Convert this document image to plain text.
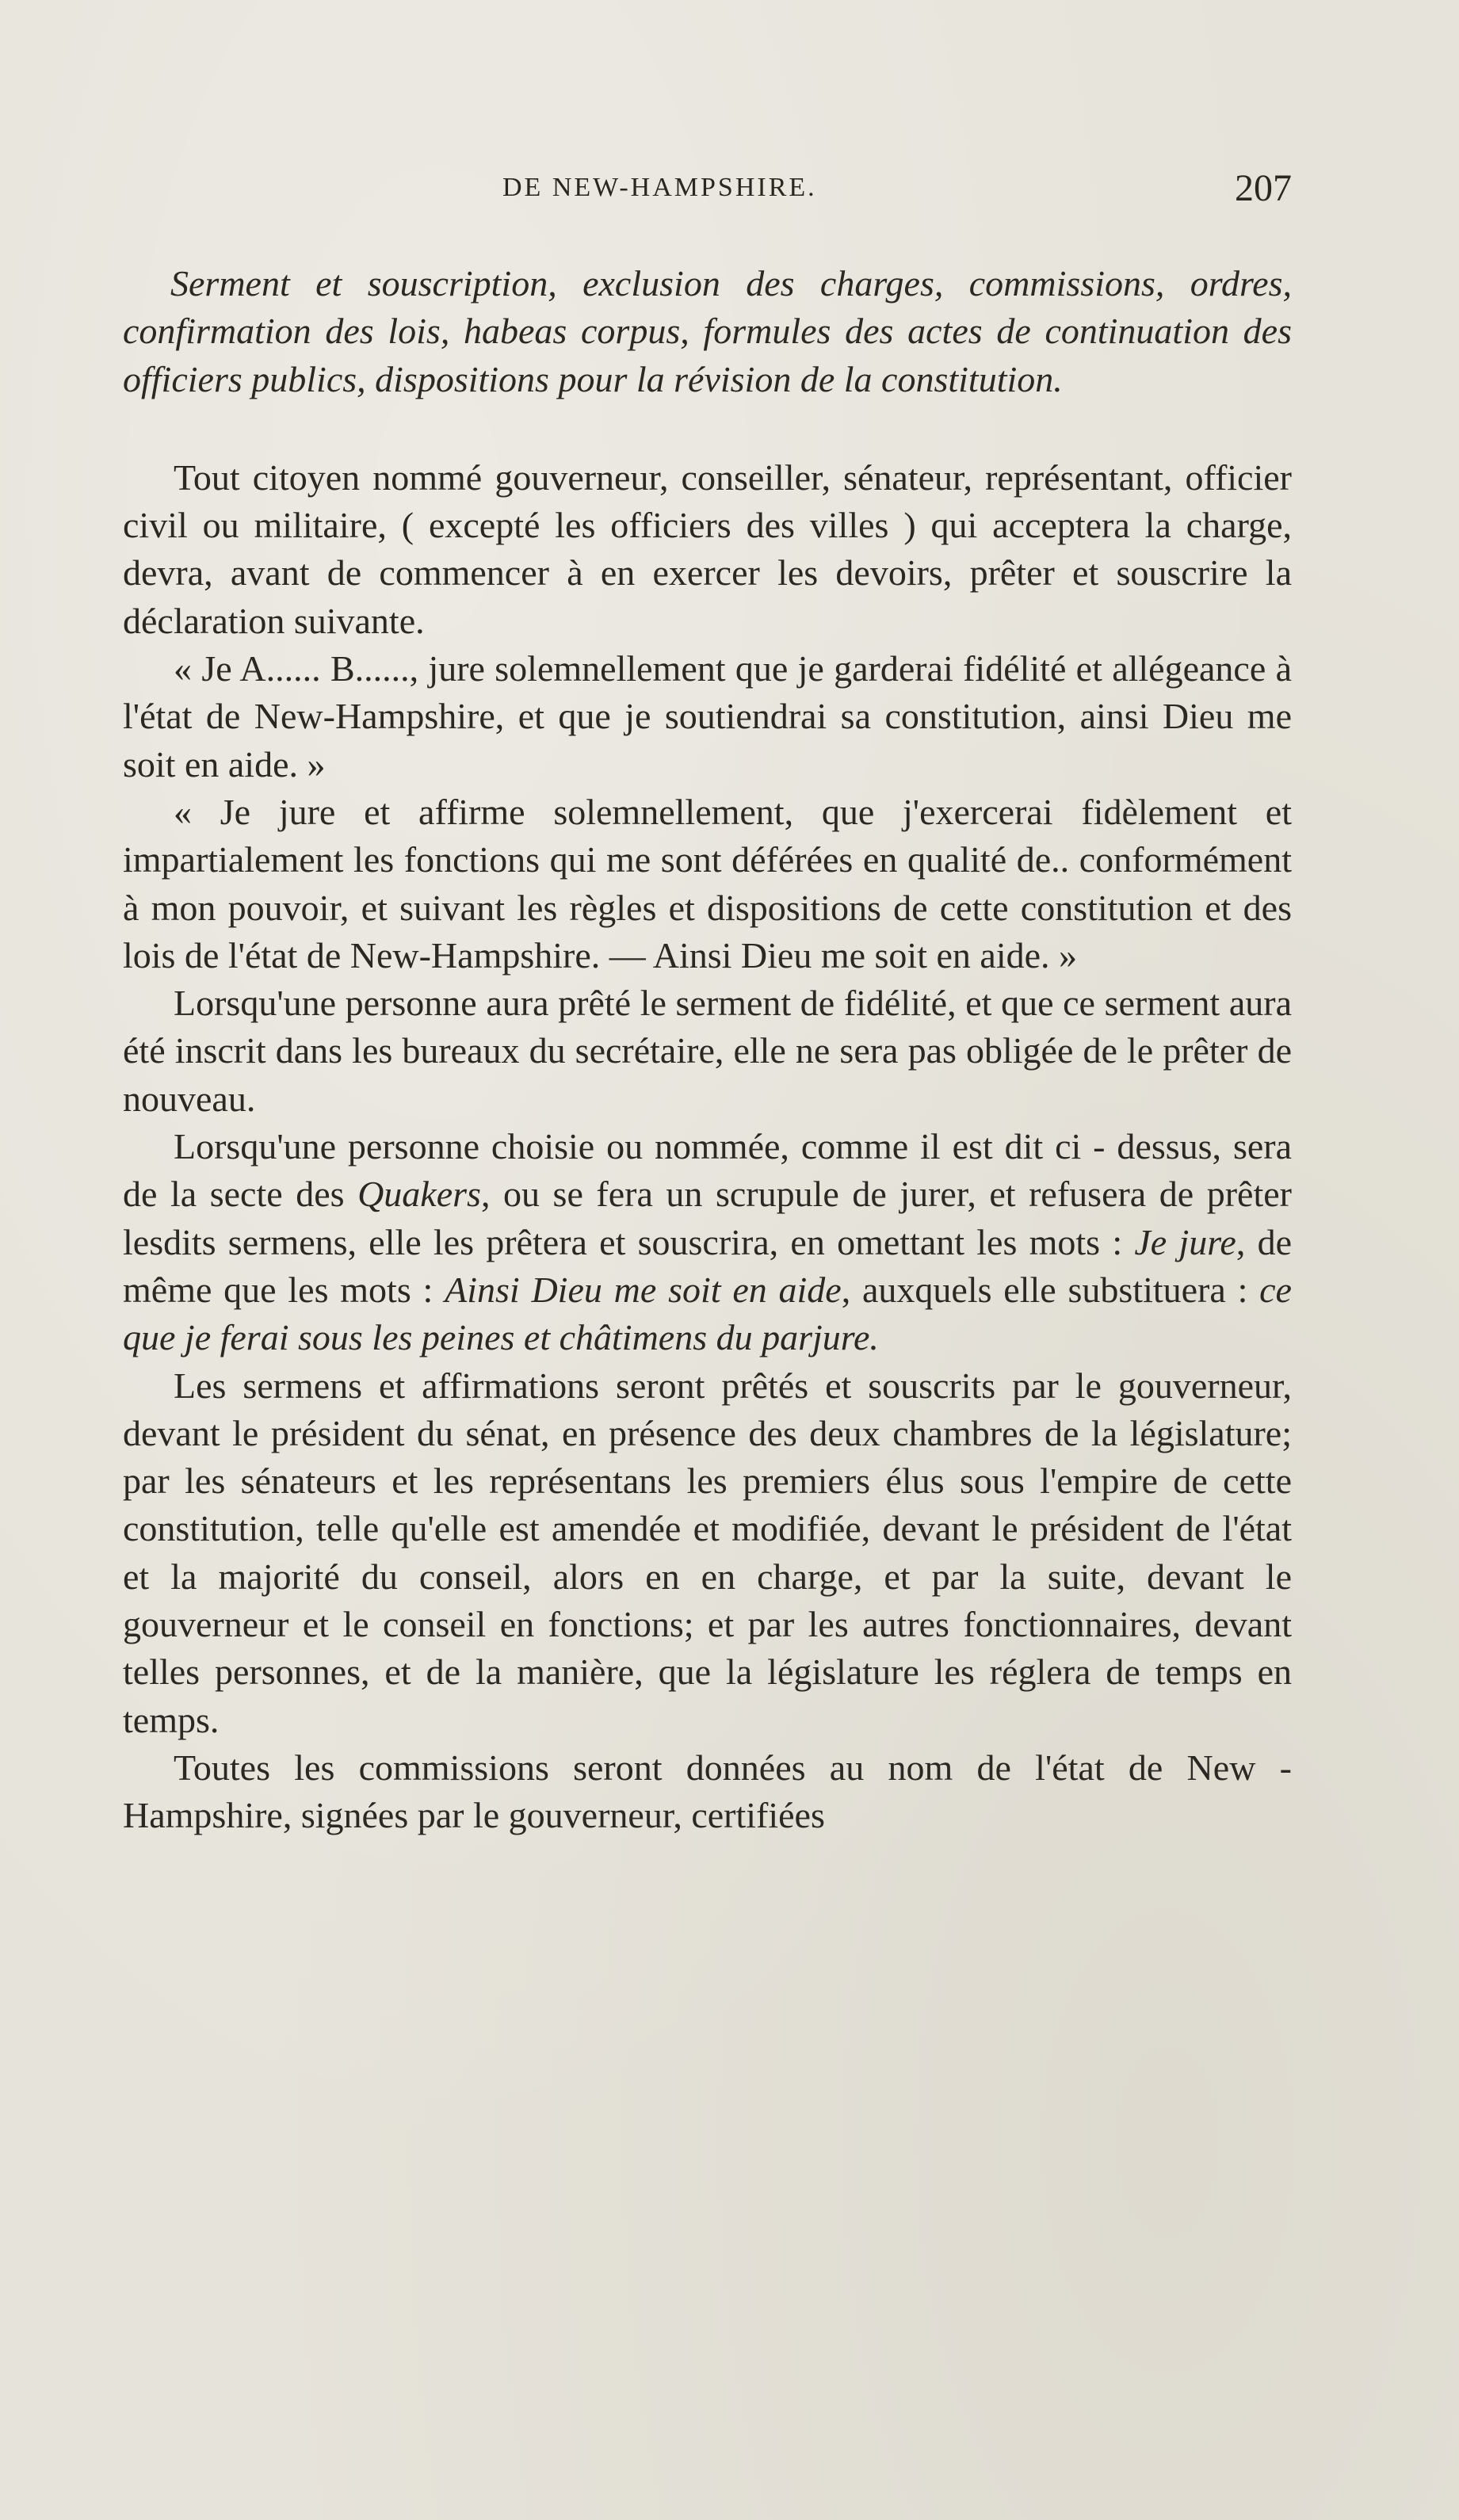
DE NEW-HAMPSHIRE.	207

Serment et souscription, exclusion des charges, commissions, ordres, confirmation des lois, habeas corpus, formules des actes de continuation des officiers publics, dispositions pour la révision de la constitution.

Tout citoyen nommé gouverneur, conseiller, sénateur, représentant, officier civil ou militaire, ( excepté les officiers des villes ) qui acceptera la charge, devra, avant de commencer à en exercer les devoirs, prêter et souscrire la déclaration suivante.

« Je A...... B......, jure solemnellement que je garderai fidélité et allégeance à l'état de New-Hampshire, et que je soutiendrai sa constitution, ainsi Dieu me soit en aide. »

« Je jure et affirme solemnellement, que j'exercerai fidèlement et impartialement les fonctions qui me sont déférées en qualité de.. conformément à mon pouvoir, et suivant les règles et dispositions de cette constitution et des lois de l'état de New-Hampshire. — Ainsi Dieu me soit en aide. »

Lorsqu'une personne aura prêté le serment de fidélité, et que ce serment aura été inscrit dans les bureaux du secrétaire, elle ne sera pas obligée de le prêter de nouveau.

Lorsqu'une personne choisie ou nommée, comme il est dit ci - dessus, sera de la secte des Quakers, ou se fera un scrupule de jurer, et refusera de prêter lesdits sermens, elle les prêtera et souscrira, en omettant les mots : Je jure, de même que les mots : Ainsi Dieu me soit en aide, auxquels elle substituera : ce que je ferai sous les peines et châtimens du parjure.

Les sermens et affirmations seront prêtés et souscrits par le gouverneur, devant le président du sénat, en présence des deux chambres de la législature; par les sénateurs et les représentans les premiers élus sous l'empire de cette constitution, telle qu'elle est amendée et modifiée, devant le président de l'état et la majorité du conseil, alors en en charge, et par la suite, devant le gouverneur et le conseil en fonctions; et par les autres fonctionnaires, devant telles personnes, et de la manière, que la législature les réglera de temps en temps.

Toutes les commissions seront données au nom de l'état de New - Hampshire, signées par le gouverneur, certifiées
